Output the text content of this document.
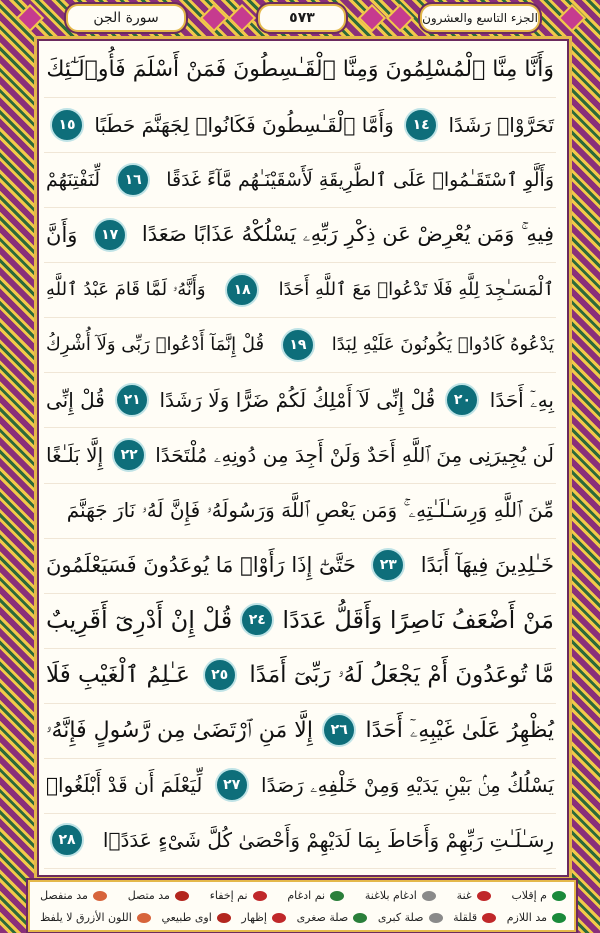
الجزء التاسع والعشرون
٥٧٣
سورة الجن
وَأَنَّا مِنَّا ٱلْمُسْلِمُونَ وَمِنَّا ٱلْقَـٰسِطُونَ فَمَنْ أَسْلَمَ فَأُو۟لَـٰٓئِكَ
تَحَرَّوْا۟ رَشَدًا
١٤
وَأَمَّا ٱلْقَـٰسِطُونَ فَكَانُوا۟ لِجَهَنَّمَ حَطَبًا
١٥
وَأَلَّوِ ٱسْتَقَـٰمُوا۟ عَلَى ٱلطَّرِيقَةِ لَأَسْقَيْنَـٰهُم مَّآءً غَدَقًا
١٦
لِّنَفْتِنَهُمْ
فِيهِ ۚ وَمَن يُعْرِضْ عَن ذِكْرِ رَبِّهِۦ يَسْلُكْهُ عَذَابًا صَعَدًا
١٧
وَأَنَّ
ٱلْمَسَـٰجِدَ لِلَّهِ فَلَا تَدْعُوا۟ مَعَ ٱللَّهِ أَحَدًا
١٨
وَأَنَّهُۥ لَمَّا قَامَ عَبْدُ ٱللَّهِ
يَدْعُوهُ كَادُوا۟ يَكُونُونَ عَلَيْهِ لِبَدًا
١٩
قُلْ إِنَّمَآ أَدْعُوا۟ رَبِّى وَلَآ أُشْرِكُ
بِهِۦٓ أَحَدًا
٢٠
قُلْ إِنِّى لَآ أَمْلِكُ لَكُمْ ضَرًّا وَلَا رَشَدًا
٢١
قُلْ إِنِّى
لَن يُجِيرَنِى مِنَ ٱللَّهِ أَحَدٌ وَلَنْ أَجِدَ مِن دُونِهِۦ مُلْتَحَدًا
٢٢
إِلَّا بَلَـٰغًا
مِّنَ ٱللَّهِ وَرِسَـٰلَـٰتِهِۦ ۚ وَمَن يَعْصِ ٱللَّهَ وَرَسُولَهُۥ فَإِنَّ لَهُۥ نَارَ جَهَنَّمَ
خَـٰلِدِينَ فِيهَآ أَبَدًا
٢٣
حَتَّىٰٓ إِذَا رَأَوْا۟ مَا يُوعَدُونَ فَسَيَعْلَمُونَ
مَنْ أَضْعَفُ نَاصِرًا وَأَقَلُّ عَدَدًا
٢٤
قُلْ إِنْ أَدْرِىٓ أَقَرِيبٌ
مَّا تُوعَدُونَ أَمْ يَجْعَلُ لَهُۥ رَبِّىٓ أَمَدًا
٢٥
عَـٰلِمُ ٱلْغَيْبِ فَلَا
يُظْهِرُ عَلَىٰ غَيْبِهِۦٓ أَحَدًا
٢٦
إِلَّا مَنِ ٱرْتَضَىٰ مِن رَّسُولٍ فَإِنَّهُۥ
يَسْلُكُ مِنۢ بَيْنِ يَدَيْهِ وَمِنْ خَلْفِهِۦ رَصَدًا
٢٧
لِّيَعْلَمَ أَن قَدْ أَبْلَغُوا۟
رِسَـٰلَـٰتِ رَبِّهِمْ وَأَحَاطَ بِمَا لَدَيْهِمْ وَأَحْصَىٰ كُلَّ شَىْءٍ عَدَدًۢا
٢٨
م إقلاب
غنة
ادغام بلاغنة
نم ادغام
نم إخفاء
مد متصل
مد منفصل
مد اللازم
قلقلة
صلة كبرى
صلة صغرى
إظهار
اوى طبيعي
اللون الأزرق لا يلفظ
